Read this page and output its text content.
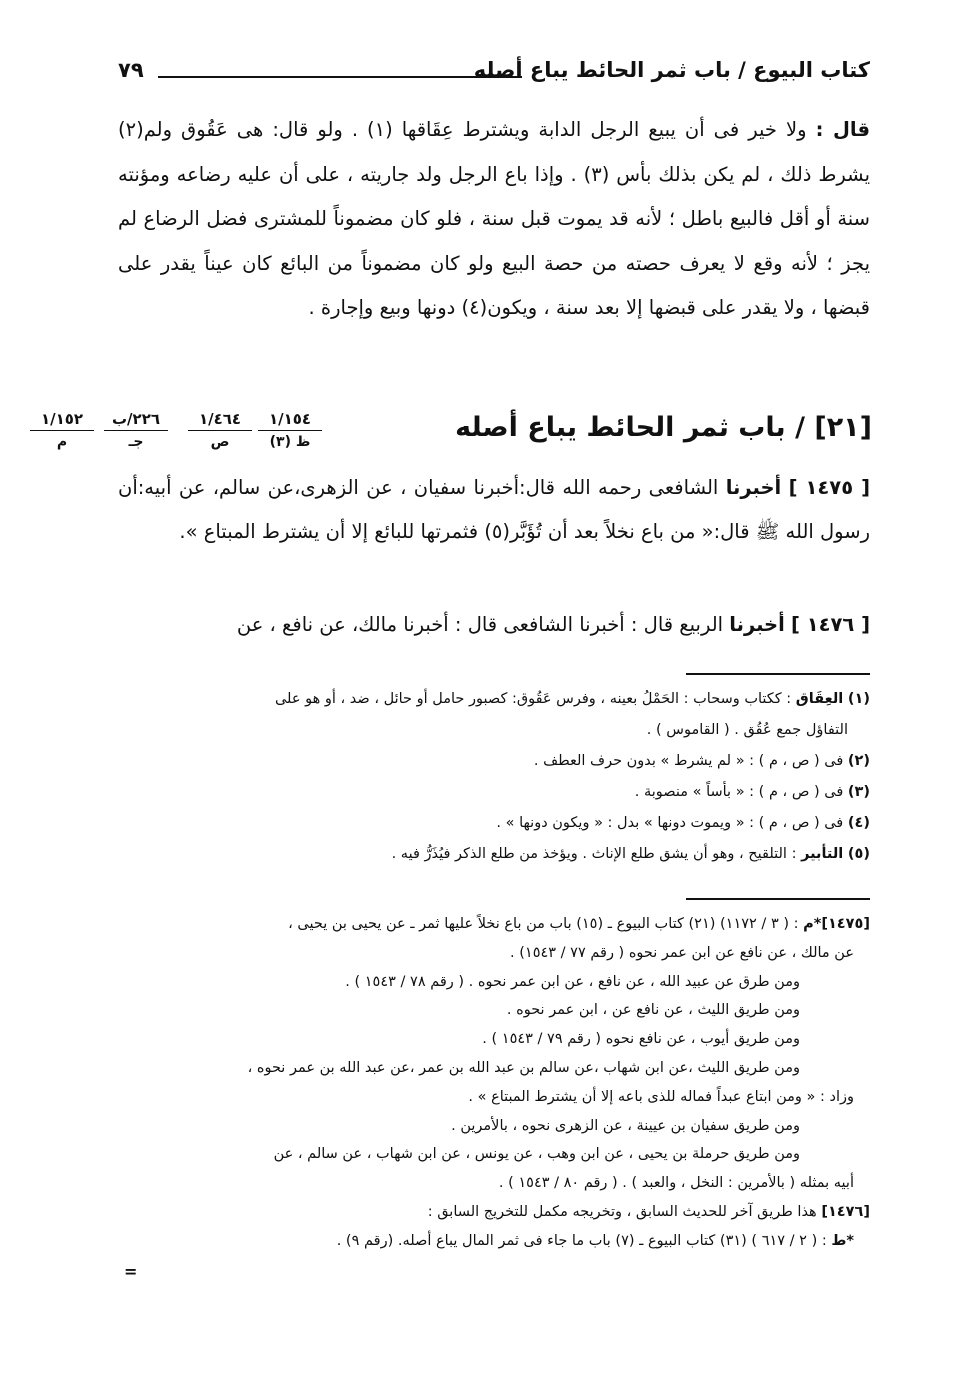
كتاب البيوع / باب ثمر الحائط يباع أصله
٧٩
قال : ولا خير فى أن يبيع الرجل الدابة ويشترط عِقَاقها (١) . ولو قال: هى عَقُوق ولم(٢) يشرط ذلك ، لم يكن بذلك بأس (٣) . وإذا باع الرجل ولد جاريته ، على أن عليه رضاعه ومؤنته سنة أو أقل فالبيع باطل ؛ لأنه قد يموت قبل سنة ، فلو كان مضموناً للمشترى فضل الرضاع لم يجز ؛ لأنه وقع لا يعرف حصته من حصة البيع ولو كان مضموناً من البائع كان عيناً يقدر على قبضها ، ولا يقدر على قبضها إلا بعد سنة ، ويكون(٤) دونها وبيع وإجارة .
[٢١] / باب ثمر الحائط يباع أصله
١/١٥٤
ظ (٣)
١/٤٦٤
ص
٢٢٦/ب
جـ
١/١٥٢
م
[ ١٤٧٥ ] أخبرنا الشافعى رحمه الله قال:أخبرنا سفيان ، عن الزهرى،عن سالم، عن أبيه:أن رسول الله ﷺ قال:« من باع نخلاً بعد أن تُؤَبَّر(٥) فثمرتها للبائع إلا أن يشترط المبتاع ».
[ ١٤٧٦ ] أخبرنا الربيع قال : أخبرنا الشافعى قال : أخبرنا مالك، عن نافع ، عن

(١) العِقَاق : ككتاب وسحاب : الحَمْلُ بعينه ، وفرس عَقُوق: كصبور حامل أو حائل ، ضد ، أو هو على

التفاؤل جمع عُقُق . ( القاموس ) .

(٢) فى ( ص ، م ) : « لم يشرط » بدون حرف العطف .

(٣) فى ( ص ، م ) : « بأساً » منصوبة .

(٤) فى ( ص ، م ) : « ويموت دونها » بدل : « ويكون دونها » .

(٥) التأبير : التلقيح ، وهو أن يشق طلع الإناث . ويؤخذ من طلع الذكر فيُذَرُّ فيه .

[١٤٧٥]*م : ( ٣ / ١١٧٢) (٢١) كتاب البيوع ـ (١٥) باب من باع نخلاً عليها ثمر ـ عن يحيى بن يحيى ،

عن مالك ، عن نافع عن ابن عمر نحوه ( رقم ٧٧ / ١٥٤٣) .

ومن طرق عن عبيد الله ، عن نافع ، عن ابن عمر نحوه . ( رقم ٧٨ / ١٥٤٣ ) .

ومن طريق الليث ، عن نافع عن ، ابن عمر نحوه .

ومن طريق أيوب ، عن نافع نحوه ( رقم ٧٩ / ١٥٤٣ ) .

ومن طريق الليث ،عن ابن شهاب ،عن سالم بن عبد الله بن عمر ،عن عبد الله بن عمر نحوه ،

وزاد : « ومن ابتاع عبداً فماله للذى باعه إلا أن يشترط المبتاع » .

ومن طريق سفيان بن عيينة ، عن الزهرى نحوه ، بالأمرين .

ومن طريق حرملة بن يحيى ، عن ابن وهب ، عن يونس ، عن ابن شهاب ، عن سالم ، عن

أبيه بمثله ( بالأمرين : النخل ، والعبد ) . ( رقم ٨٠ / ١٥٤٣ ) .

[١٤٧٦] هذا طريق آخر للحديث السابق ، وتخريجه مكمل للتخريج السابق :

*ط : ( ٢ / ٦١٧ ) (٣١) كتاب البيوع ـ (٧) باب ما جاء فى ثمر المال يباع أصله. (رقم ٩) .

=
